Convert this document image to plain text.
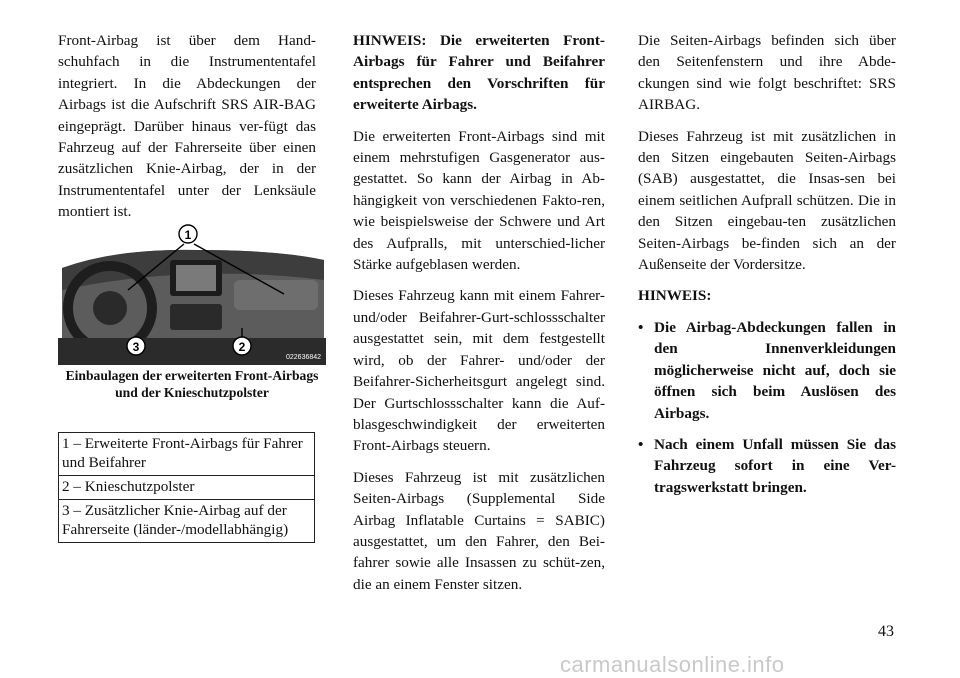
Front-Airbag ist über dem Hand-schuhfach in die Instrumententafel integriert. In die Abdeckungen der Airbags ist die Aufschrift SRS AIR-BAG eingeprägt. Darüber hinaus ver-fügt das Fahrzeug auf der Fahrerseite über einen zusätzlichen Knie-Airbag, der in der Instrumententafel unter der Lenksäule montiert ist.

1
3	2
022636842
Einbaulagen der erweiterten Front-Airbags und der Knieschutzpolster
1 – Erweiterte Front-Airbags für Fahrer und Beifahrer
2 – Knieschutzpolster
3 – Zusätzlicher Knie-Airbag auf der Fahrerseite (länder-/modellabhängig)

HINWEIS: Die erweiterten Front-Airbags für Fahrer und Beifahrer entsprechen den Vorschriften für erweiterte Airbags.

Die erweiterten Front-Airbags sind mit einem mehrstufigen Gasgenerator aus-gestattet. So kann der Airbag in Ab-hängigkeit von verschiedenen Fakto-ren, wie beispielsweise der Schwere und Art des Aufpralls, mit unterschied-licher Stärke aufgeblasen werden.

Dieses Fahrzeug kann mit einem Fahrer- und/oder Beifahrer-Gurt-schlossschalter ausgestattet sein, mit dem festgestellt wird, ob der Fahrer- und/oder der Beifahrer-Sicherheitsgurt angelegt sind. Der Gurtschlossschalter kann die Auf-blasgeschwindigkeit der erweiterten Front-Airbags steuern.

Dieses Fahrzeug ist mit zusätzlichen Seiten-Airbags (Supplemental Side Airbag Inflatable Curtains = SABIC) ausgestattet, um den Fahrer, den Bei-fahrer sowie alle Insassen zu schüt-zen, die an einem Fenster sitzen.

Die Seiten-Airbags befinden sich über den Seitenfenstern und ihre Abde-ckungen sind wie folgt beschriftet: SRS AIRBAG.

Dieses Fahrzeug ist mit zusätzlichen in den Sitzen eingebauten Seiten-Airbags (SAB) ausgestattet, die Insas-sen bei einem seitlichen Aufprall schützen. Die in den Sitzen eingebau-ten zusätzlichen Seiten-Airbags be-finden sich an der Außenseite der Vordersitze.

HINWEIS:

• Die Airbag-Abdeckungen fallen in den Innenverkleidungen möglicherweise nicht auf, doch sie öffnen sich beim Auslösen des Airbags.
• Nach einem Unfall müssen Sie das Fahrzeug sofort in eine Ver-tragswerkstatt bringen.
43
carmanualsonline.info
